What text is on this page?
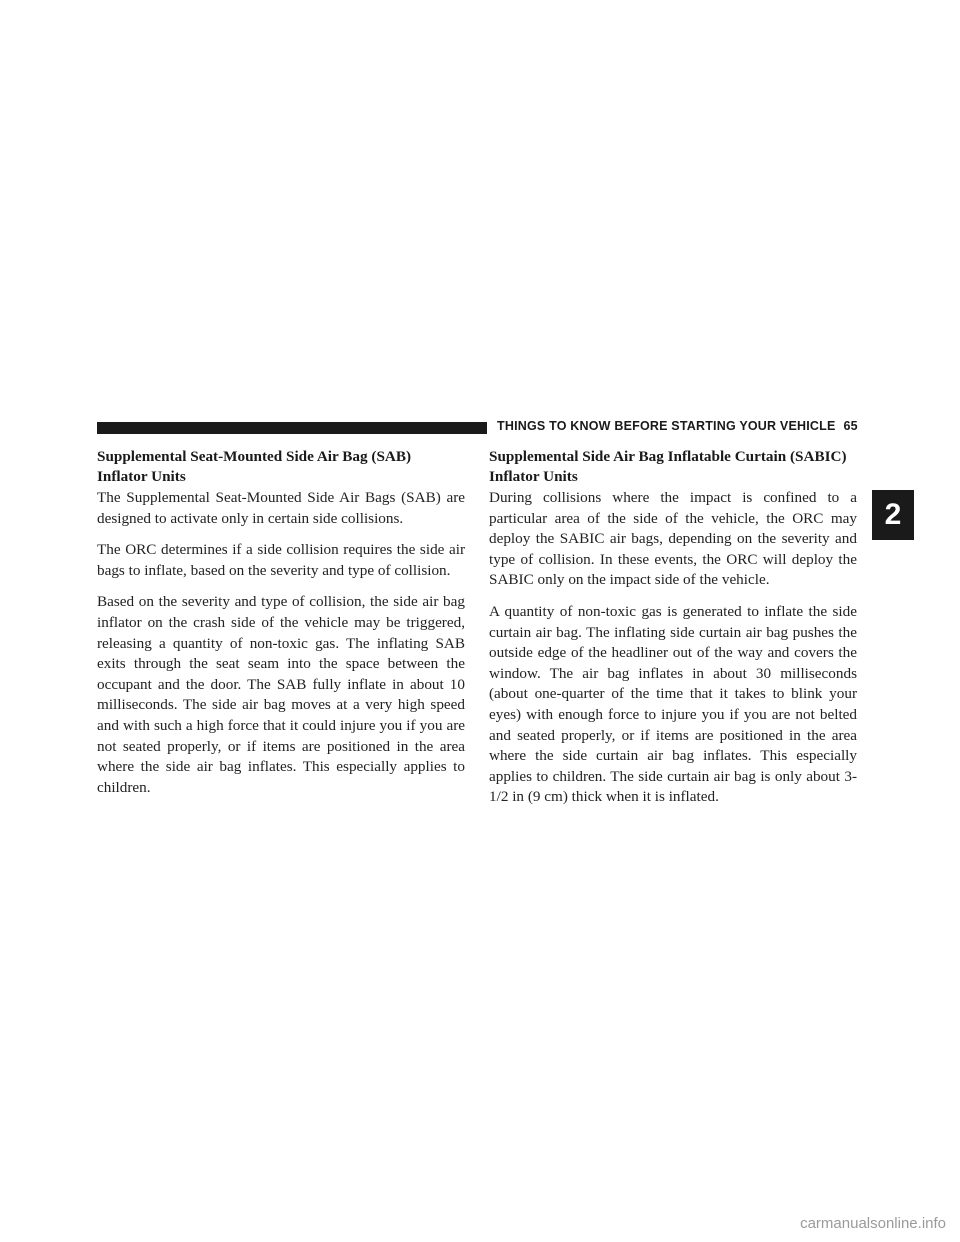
THINGS TO KNOW BEFORE STARTING YOUR VEHICLE 65
Supplemental Seat-Mounted Side Air Bag (SAB) Inflator Units

The Supplemental Seat-Mounted Side Air Bags (SAB) are designed to activate only in certain side collisions.

The ORC determines if a side collision requires the side air bags to inflate, based on the severity and type of collision.

Based on the severity and type of collision, the side air bag inflator on the crash side of the vehicle may be triggered, releasing a quantity of non-toxic gas. The inflating SAB exits through the seat seam into the space between the occupant and the door. The SAB fully inflate in about 10 milliseconds. The side air bag moves at a very high speed and with such a high force that it could injure you if you are not seated properly, or if items are positioned in the area where the side air bag inflates. This especially applies to children.

Supplemental Side Air Bag Inflatable Curtain (SABIC) Inflator Units

During collisions where the impact is confined to a particular area of the side of the vehicle, the ORC may deploy the SABIC air bags, depending on the severity and type of collision. In these events, the ORC will deploy the SABIC only on the impact side of the vehicle.

A quantity of non-toxic gas is generated to inflate the side curtain air bag. The inflating side curtain air bag pushes the outside edge of the headliner out of the way and covers the window. The air bag inflates in about 30 milliseconds (about one-quarter of the time that it takes to blink your eyes) with enough force to injure you if you are not belted and seated properly, or if items are positioned in the area where the side curtain air bag inflates. This especially applies to children. The side curtain air bag is only about 3-1/2 in (9 cm) thick when it is inflated.

2
carmanualsonline.info
